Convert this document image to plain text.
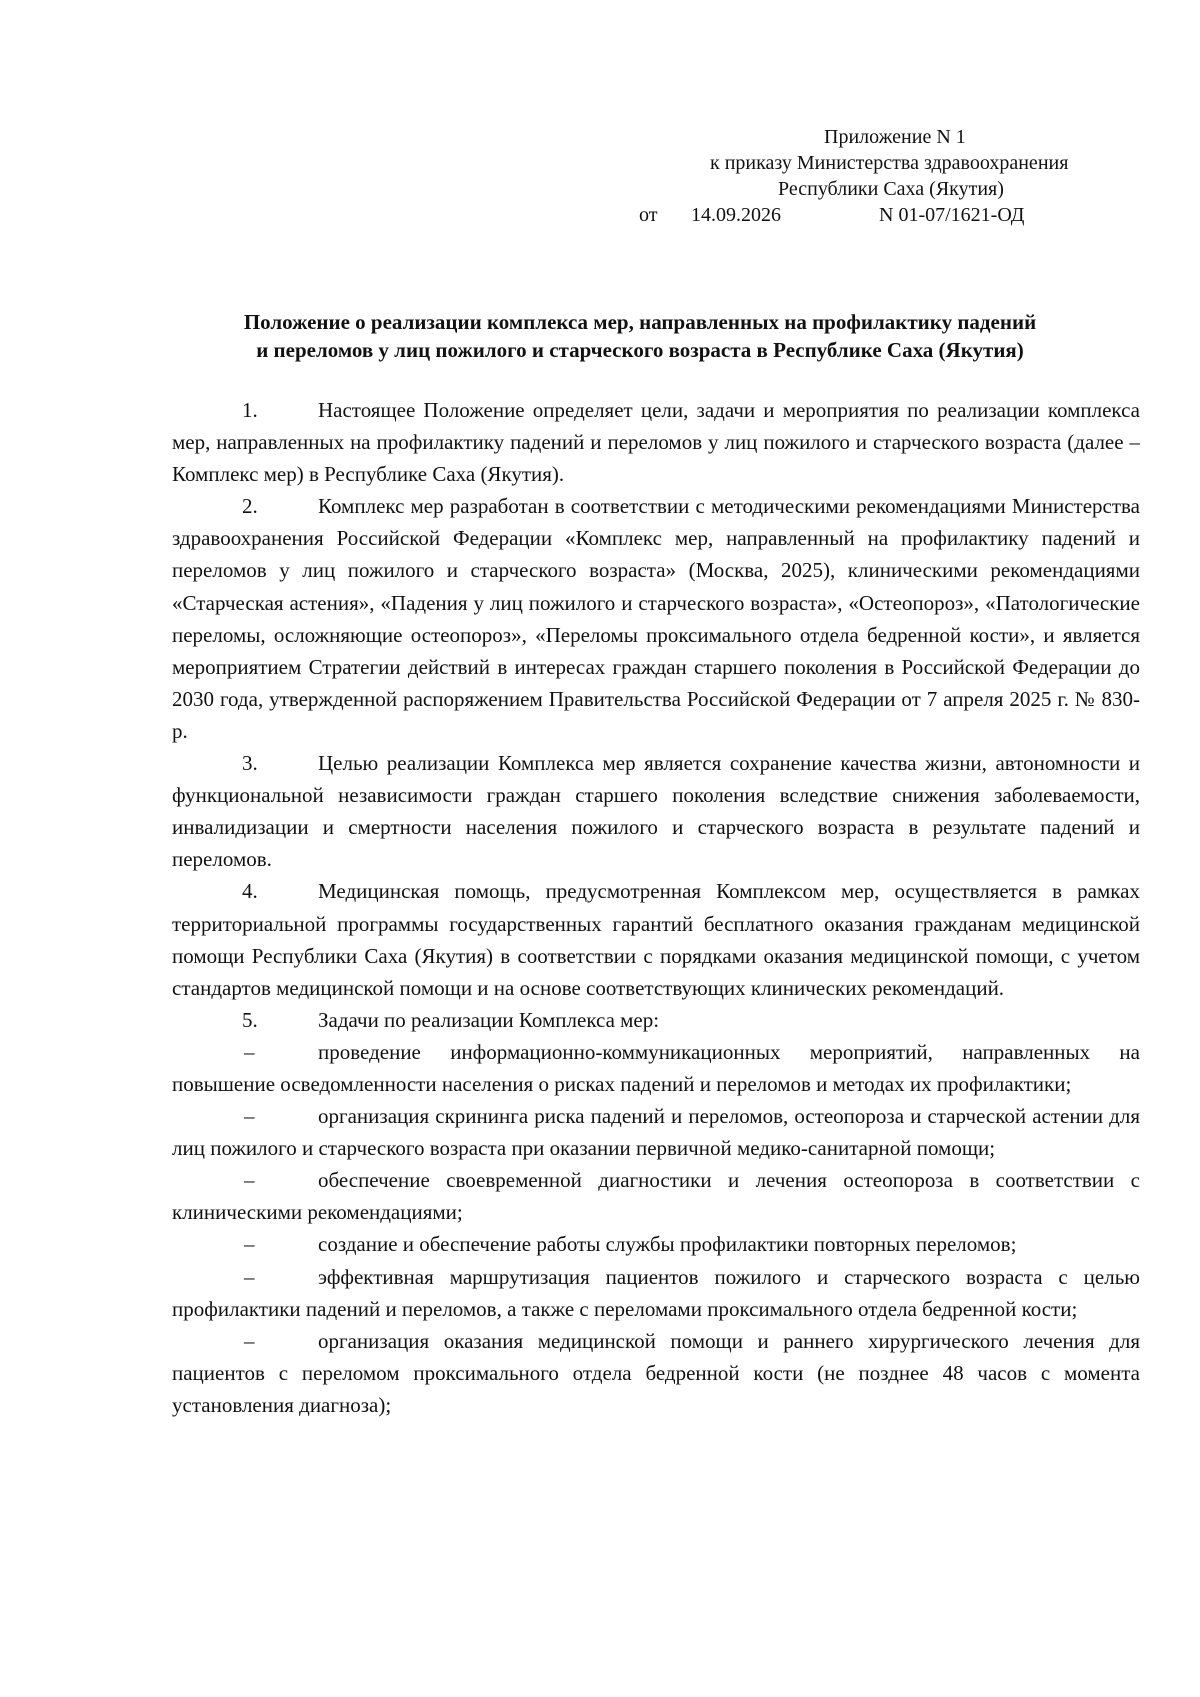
Приложение N 1
к приказу Министерства здравоохранения
Республики Саха (Якутия)
от 14.09.2026	N 01-07/1621-ОД
Положение о реализации комплекса мер, направленных на профилактику падений
и переломов у лиц пожилого и старческого возраста в Республике Саха (Якутия)

1.	Настоящее Положение определяет цели, задачи и мероприятия по реализации комплекса мер, направленных на профилактику падений и переломов у лиц пожилого и старческого возраста (далее – Комплекс мер) в Республике Саха (Якутия).

2.	Комплекс мер разработан в соответствии с методическими рекомендациями Министерства здравоохранения Российской Федерации «Комплекс мер, направленный на профилактику падений и переломов у лиц пожилого и старческого возраста» (Москва, 2025), клиническими рекомендациями «Старческая астения», «Падения у лиц пожилого и старческого возраста», «Остеопороз», «Патологические переломы, осложняющие остеопороз», «Переломы проксимального отдела бедренной кости», и является мероприятием Стратегии действий в интересах граждан старшего поколения в Российской Федерации до 2030 года, утвержденной распоряжением Правительства Российской Федерации от 7 апреля 2025 г. № 830-р.

3.	Целью реализации Комплекса мер является сохранение качества жизни, автономности и функциональной независимости граждан старшего поколения вследствие снижения заболеваемости, инвалидизации и смертности населения пожилого и старческого возраста в результате падений и переломов.

4.	Медицинская помощь, предусмотренная Комплексом мер, осуществляется в рамках территориальной программы государственных гарантий бесплатного оказания гражданам медицинской помощи Республики Саха (Якутия) в соответствии с порядками оказания медицинской помощи, с учетом стандартов медицинской помощи и на основе соответствующих клинических рекомендаций.

5.	Задачи по реализации Комплекса мер:

–	проведение информационно-коммуникационных мероприятий, направленных на повышение осведомленности населения о рисках падений и переломов и методах их профилактики;

–	организация скрининга риска падений и переломов, остеопороза и старческой астении для лиц пожилого и старческого возраста при оказании первичной медико-санитарной помощи;

–	обеспечение своевременной диагностики и лечения остеопороза в соответствии с клиническими рекомендациями;

–	создание и обеспечение работы службы профилактики повторных переломов;

–	эффективная маршрутизация пациентов пожилого и старческого возраста с целью профилактики падений и переломов, а также с переломами проксимального отдела бедренной кости;

–	организация оказания медицинской помощи и раннего хирургического лечения для пациентов с переломом проксимального отдела бедренной кости (не позднее 48 часов с момента установления диагноза);
